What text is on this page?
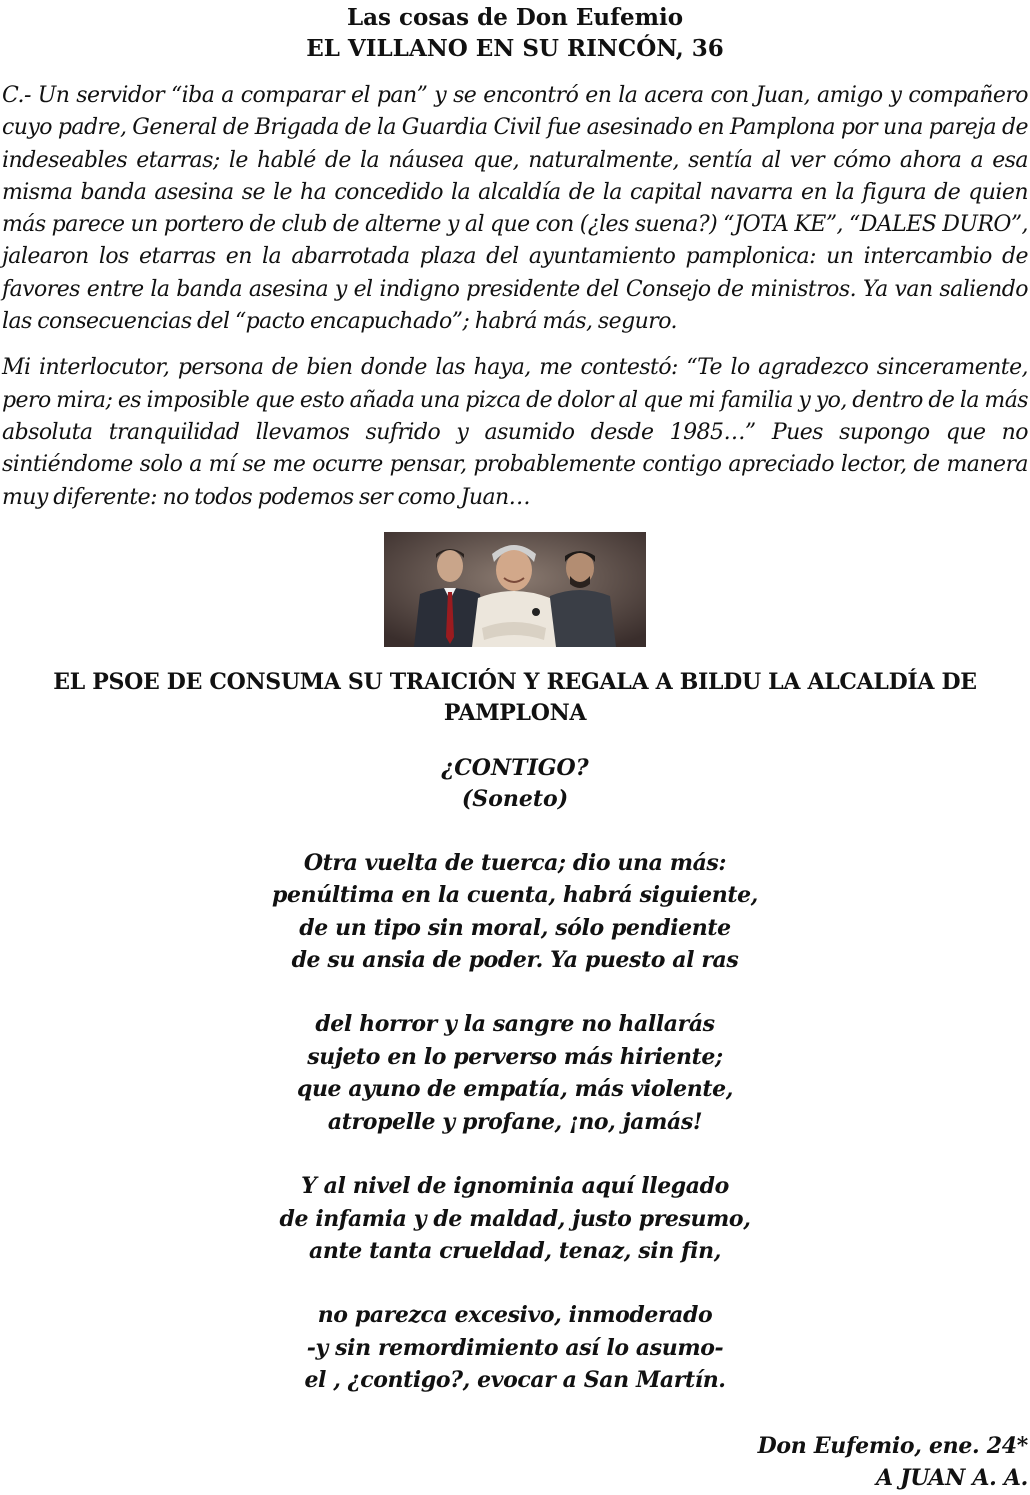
Las cosas de Don Eufemio
EL VILLANO EN SU RINCÓN, 36

C.- Un servidor “iba a comparar el pan” y se encontró en la acera con Juan, amigo y compañero cuyo padre, General de Brigada de la Guardia Civil fue asesinado en Pamplona por una pareja de indeseables etarras; le hablé de la náusea que, naturalmente, sentía al ver cómo ahora a esa misma banda asesina se le ha concedido la alcaldía de la capital navarra en la figura de quien más parece un portero de club de alterne y al que con (¿les suena?) “JOTA KE”, “DALES DURO”, jalearon los etarras en la abarrotada plaza del ayuntamiento pamplonica: un intercambio de favores entre la banda asesina y el indigno presidente del Consejo de ministros. Ya van saliendo las consecuencias del “pacto encapuchado”; habrá más, seguro.

Mi interlocutor, persona de bien donde las haya, me contestó: “Te lo agradezco sinceramente, pero mira; es imposible que esto añada una pizca de dolor al que mi familia y yo, dentro de la más absoluta tranquilidad llevamos sufrido y asumido desde 1985…” Pues supongo que no sintiéndome solo a mí se me ocurre pensar, probablemente contigo apreciado lector, de manera muy diferente: no todos podemos ser como Juan…

EL PSOE DE CONSUMA SU TRAICIÓN Y REGALA A BILDU LA ALCALDÍA DE PAMPLONA
¿CONTIGO?
(Soneto)
Otra vuelta de tuerca; dio una más:
penúltima en la cuenta, habrá siguiente,
de un tipo sin moral, sólo pendiente
de su ansia de poder. Ya puesto al ras
del horror y la sangre no hallarás
sujeto en lo perverso más hiriente;
que ayuno de empatía, más violente,
atropelle y profane, ¡no, jamás!
Y al nivel de ignominia aquí llegado
de infamia y de maldad, justo presumo,
ante tanta crueldad, tenaz, sin fin,
no parezca excesivo, inmoderado
-y sin remordimiento así lo asumo-
el , ¿contigo?, evocar a San Martín.
Don Eufemio, ene. 24*
A JUAN A. A.
